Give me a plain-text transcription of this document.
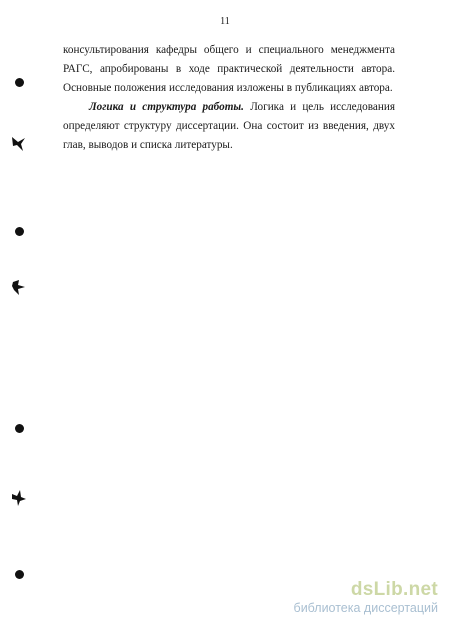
11
консультирования кафедры общего и специального менеджмента
РАГС, апробированы в ходе практической деятельности автора.
Основные положения исследования изложены в публикациях автора.
Логика и структура работы. Логика и цель исследования
определяют структуру диссертации. Она состоит из введения, двух
глав, выводов и списка литературы.
dsLib.net
библиотека диссертаций
